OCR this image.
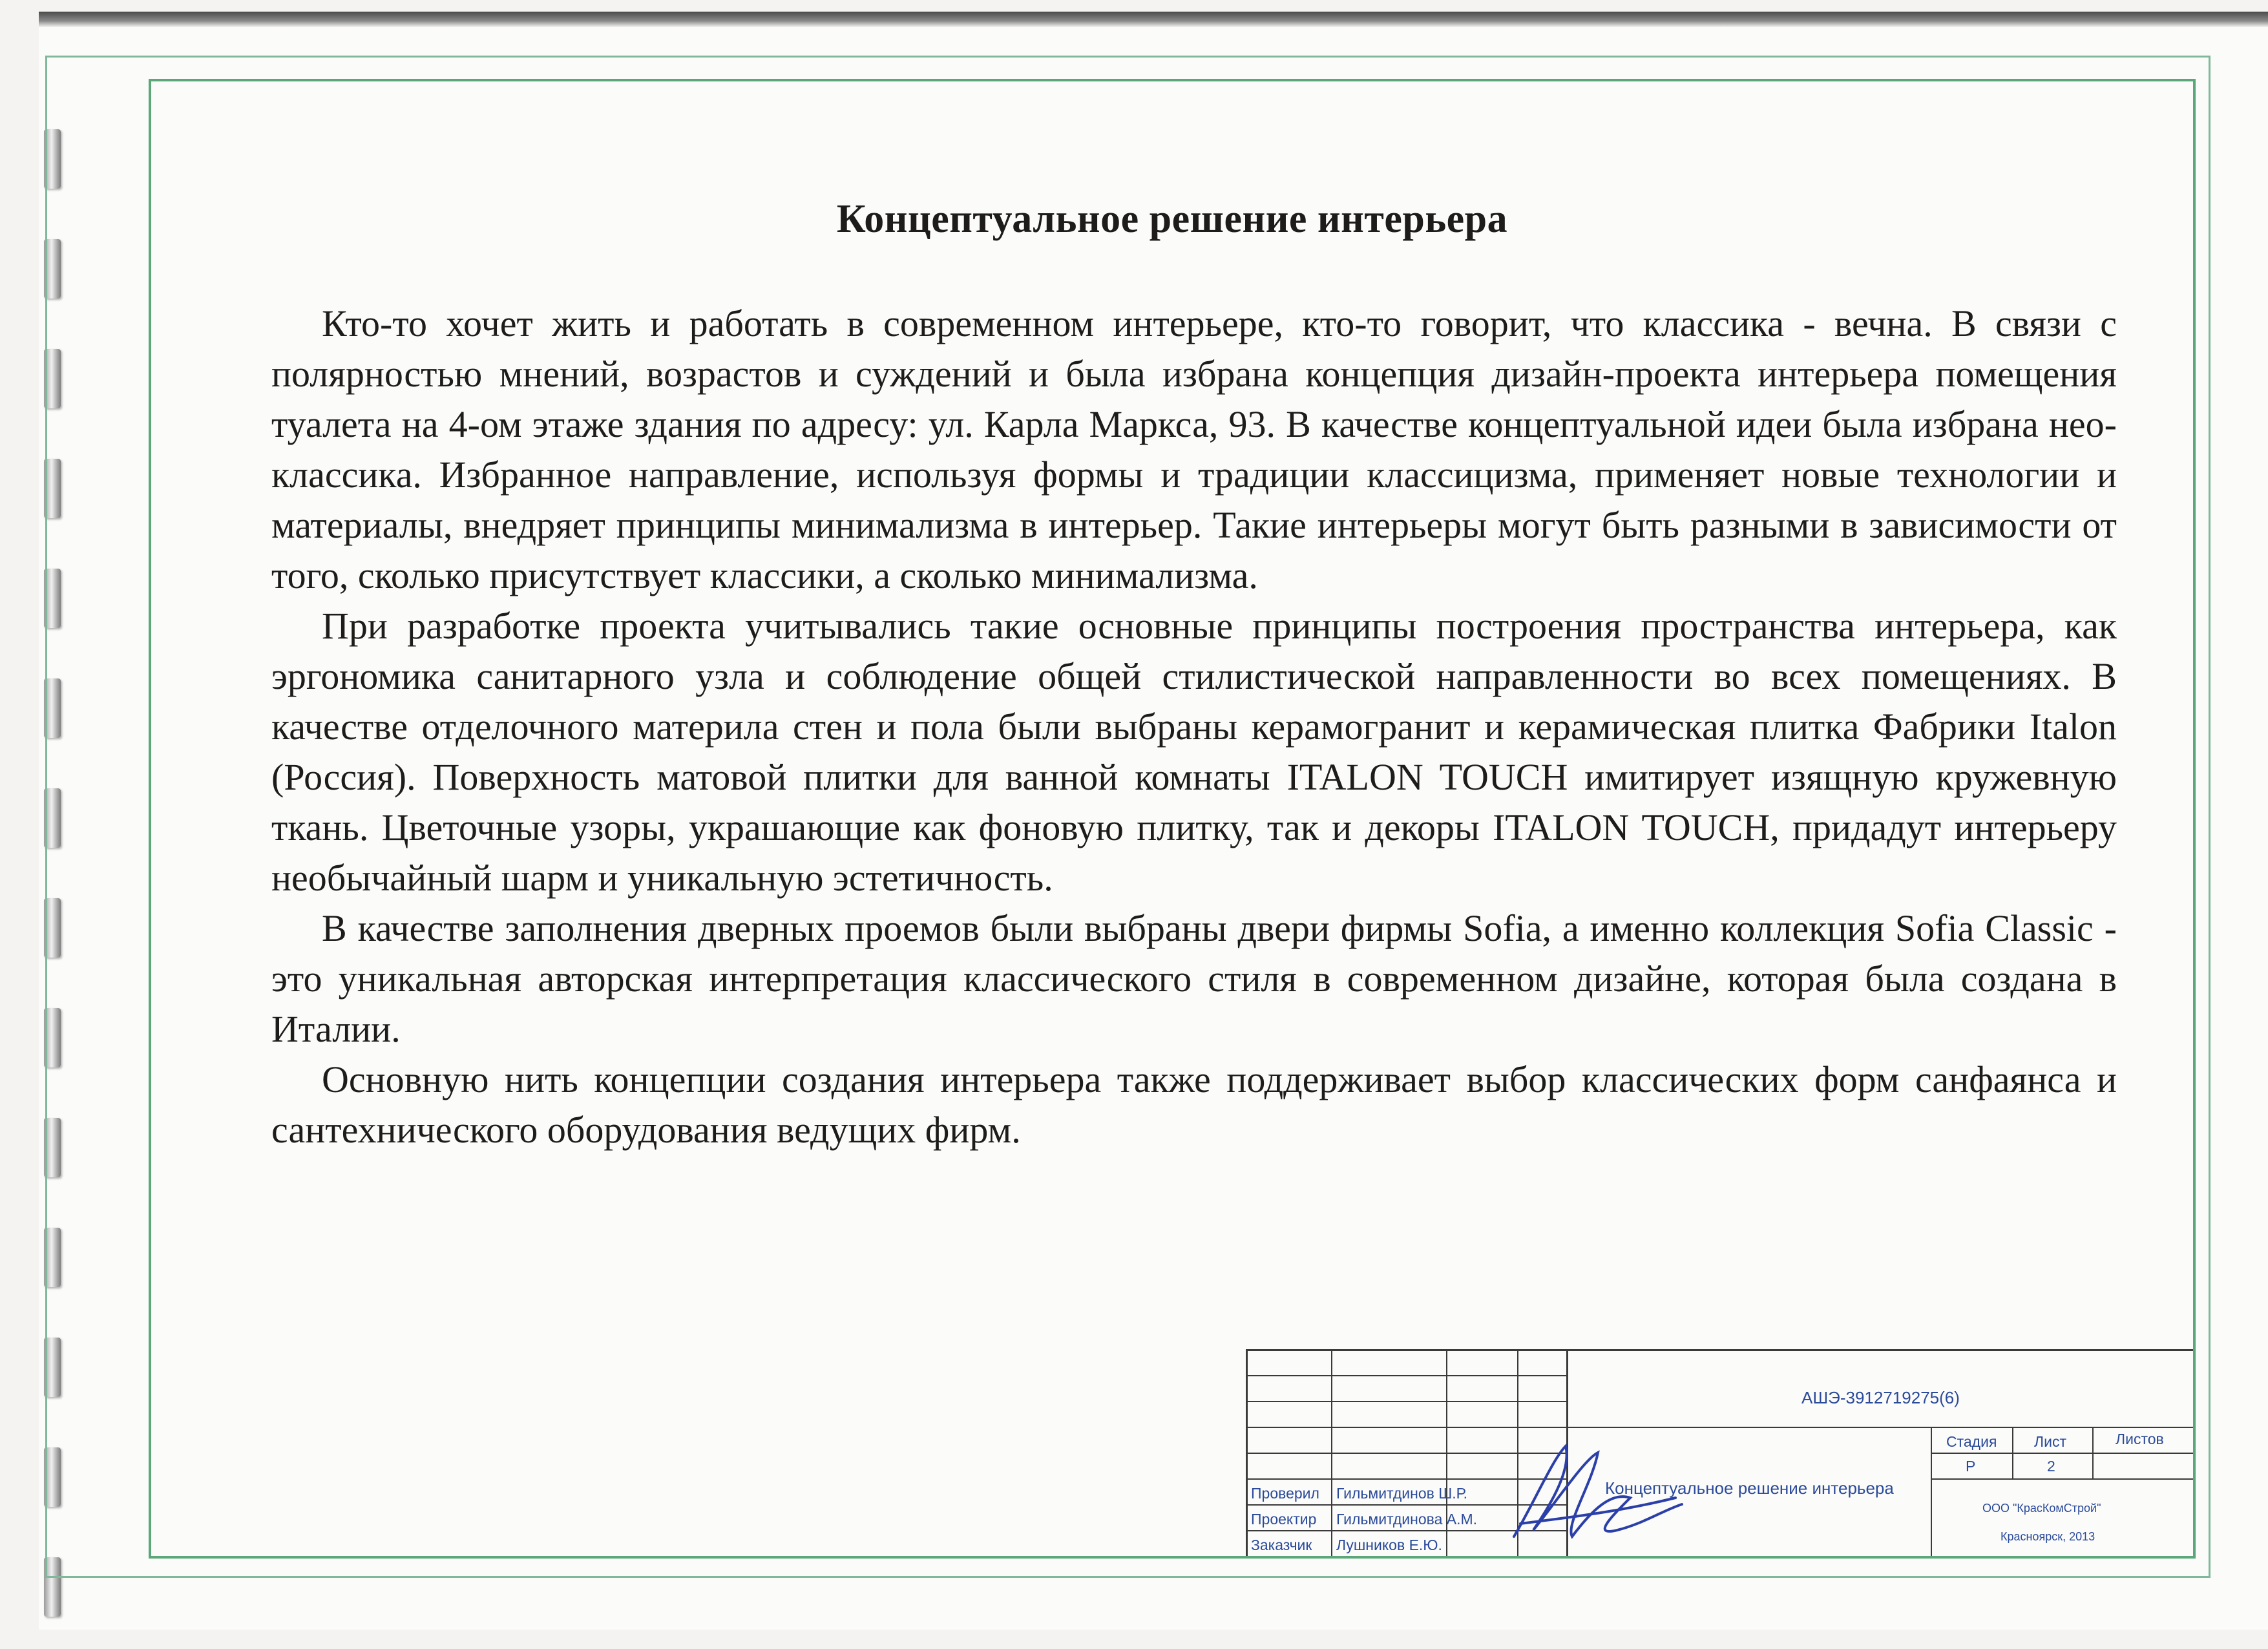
Концептуальное решение интерьера

Кто-то хочет жить и работать в современном интерьере, кто-то говорит, что классика - вечна. В связи с полярностью мнений, возрастов и суждений и была избрана концепция дизайн-проекта интерьера помещения туалета на 4-ом этаже здания по адресу: ул. Карла Маркса, 93. В качестве концептуальной идеи была избрана нео-классика. Избранное направление, используя формы и традиции классицизма, применяет новые технологии и материалы, внедряет принципы минимализма в интерьер. Такие интерьеры могут быть разными в зависимости от того, сколько присутствует классики, а сколько минимализма.

При разработке проекта учитывались такие основные принципы построения пространства интерьера, как эргономика санитарного узла и соблюдение общей стилистической направленности во всех помещениях. В качестве отделочного материла стен и пола были выбраны керамогранит и керамическая плитка Фабрики Italon (Россия). Поверхность матовой плитки для ванной комнаты ITALON TOUCH имитирует изящную кружевную ткань. Цветочные узоры, украшающие как фоновую плитку, так и декоры ITALON TOUCH, придадут интерьеру необычайный шарм и уникальную эстетичность.

В качестве заполнения дверных проемов были выбраны двери фирмы Sofia, а именно коллекция Sofia Classic - это уникальная авторская интерпретация классического стиля в современном дизайне, которая была создана в Италии.

Основную нить концепции создания интерьера также поддерживает выбор классических форм санфаянса и сантехнического оборудования ведущих фирм.

АШЭ-3912719275(6)
Стадия	Лист	Листов
Р	2
Концептуальное решение интерьера
ООО "КрасКомСтрой"
Красноярск, 2013
Проверил Гильмитдинов Ш.Р.
Проектир Гильмитдинова А.М.
Заказчик Лушников Е.Ю.
